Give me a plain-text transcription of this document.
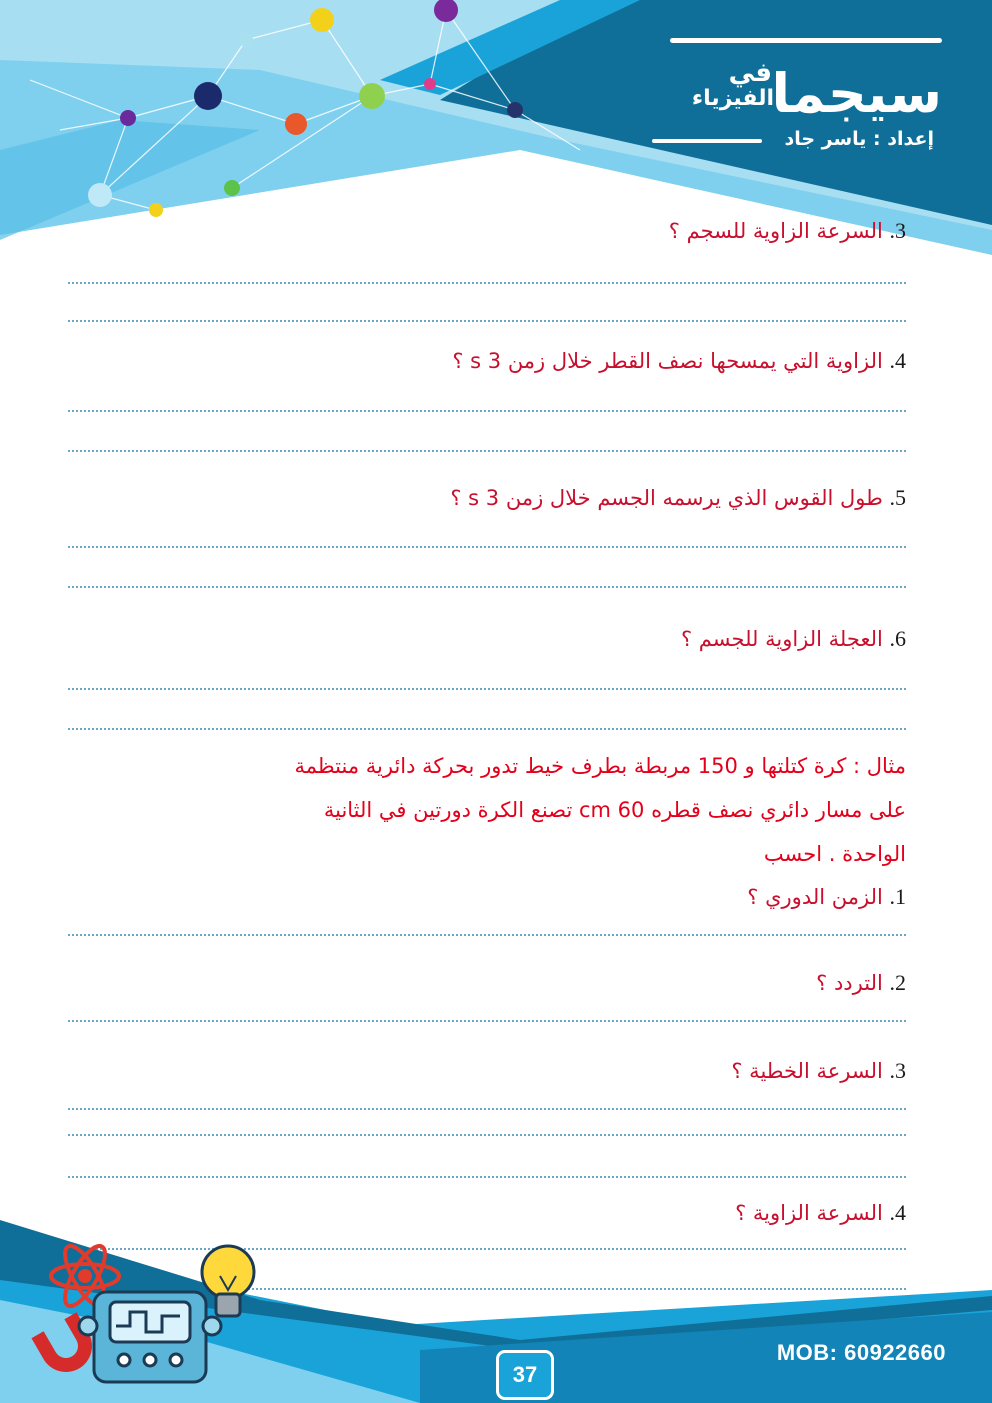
سيجما
في
الفيزياء
إعداد : ياسر جاد
3. السرعة الزاوية للسجم ؟
4. الزاوية التي يمسحها نصف القطر خلال زمن s 3 ؟
5. طول القوس الذي يرسمه الجسم خلال زمن s 3 ؟
6. العجلة الزاوية للجسم ؟
مثال : كرة كتلتها و 150 مربطة بطرف خيط تدور بحركة دائرية منتظمة
على مسار دائري نصف قطره 60 cm تصنع الكرة دورتين في الثانية
الواحدة . احسب
1. الزمن الدوري ؟
2. التردد ؟
3. السرعة الخطية ؟
4. السرعة الزاوية ؟
MOB: 60922660
37
